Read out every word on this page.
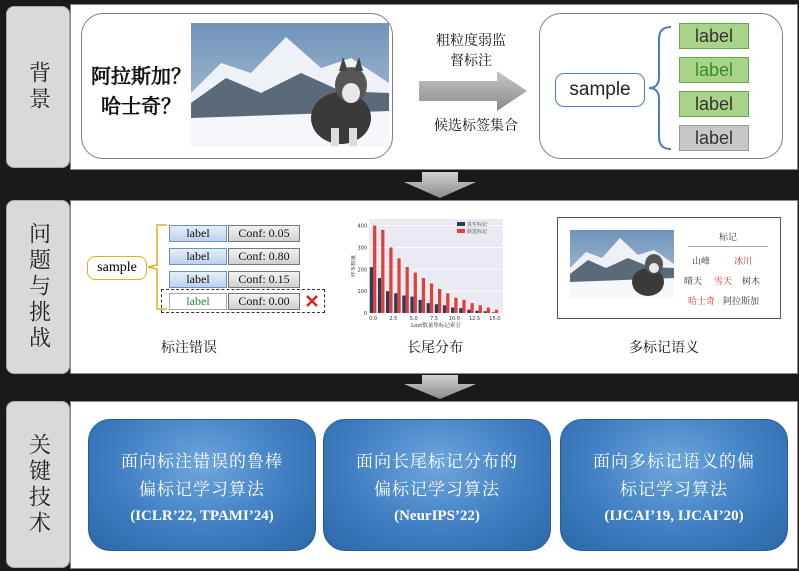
背景
问题与挑战
关键技术
阿拉斯加？
哈士奇？
粗粒度弱监
督标注
候选标签集合
sample
label
label
label
label
sample
label
label
label
label
Conf: 0.05
Conf: 0.80
Conf: 0.15
Conf: 0.00
标注错误
0
100
200
300
400
0.0 2.5 5.0 7.5 10.0 12.5 15.0
真实标记
候选标记
Lost数量集标记索引
样本数量
长尾分布
标记
山峰	冰川
晴天 雪天 树木
哈士奇 阿拉斯加
多标记语义
面向标注错误的鲁棒
偏标记学习算法
(ICLR’22, TPAMI’24)
面向长尾标记分布的
偏标记学习算法
(NeurIPS’22)
面向多标记语义的偏
标记学习算法
(IJCAI’19, IJCAI’20)
